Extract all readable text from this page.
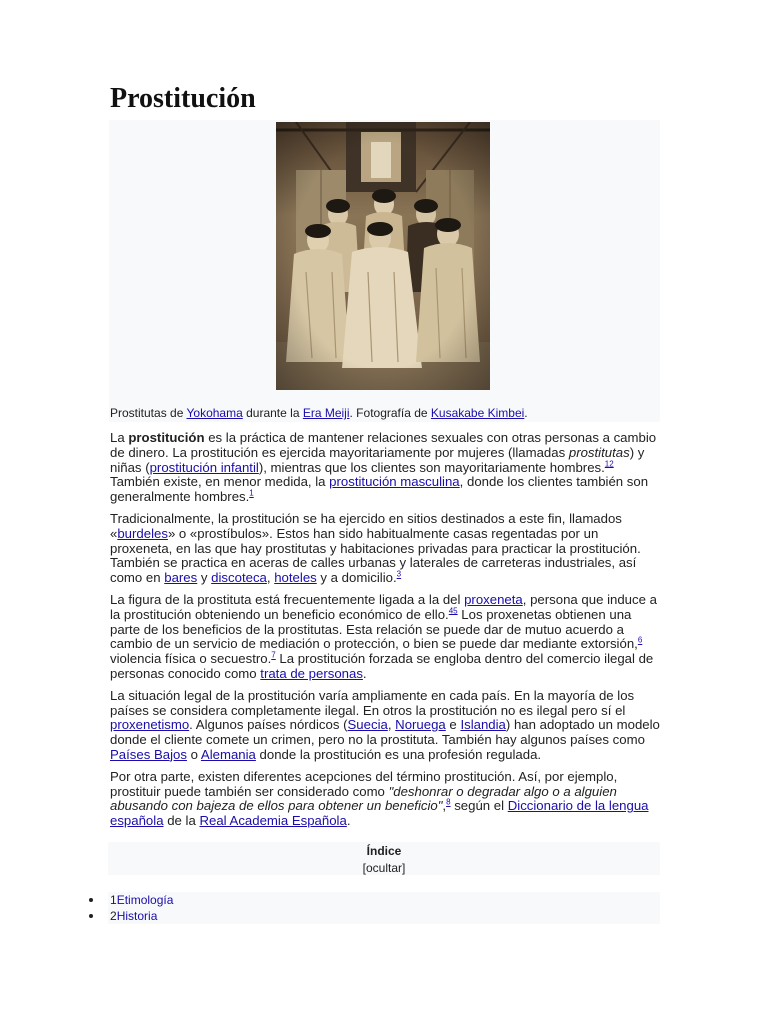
Prostitución
Prostitutas de Yokohama durante la Era Meiji. Fotografía de Kusakabe Kimbei.

La prostitución es la práctica de mantener relaciones sexuales con otras personas a cambio de dinero. La prostitución es ejercida mayoritariamente por mujeres (llamadas prostitutas) y niñas (prostitución infantil), mientras que los clientes son mayoritariamente hombres.$^{12}$ También existe, en menor medida, la prostitución masculina, donde los clientes también son generalmente hombres.$^1$

Tradicionalmente, la prostitución se ha ejercido en sitios destinados a este fin, llamados «burdeles» o «prostíbulos». Estos han sido habitualmente casas regentadas por un proxeneta, en las que hay prostitutas y habitaciones privadas para practicar la prostitución. También se practica en aceras de calles urbanas y laterales de carreteras industriales, así como en bares y discoteca, hoteles y a domicilio.$^3$

La figura de la prostituta está frecuentemente ligada a la del proxeneta, persona que induce a la prostitución obteniendo un beneficio económico de ello.$^{45}$ Los proxenetas obtienen una parte de los beneficios de la prostitutas. Esta relación se puede dar de mutuo acuerdo a cambio de un servicio de mediación o protección, o bien se puede dar mediante extorsión,$^6$ violencia física o secuestro.$^7$ La prostitución forzada se engloba dentro del comercio ilegal de personas conocido como trata de personas.

La situación legal de la prostitución varía ampliamente en cada país. En la mayoría de los países se considera completamente ilegal. En otros la prostitución no es ilegal pero sí el proxenetismo. Algunos países nórdicos (Suecia, Noruega e Islandia) han adoptado un modelo donde el cliente comete un crimen, pero no la prostituta. También hay algunos países como Países Bajos o Alemania donde la prostitución es una profesión regulada.

Por otra parte, existen diferentes acepciones del término prostitución. Así, por ejemplo, prostituir puede también ser considerado como "deshonrar o degradar algo o a alguien abusando con bajeza de ellos para obtener un beneficio",$^8$ según el Diccionario de la lengua española de la Real Academia Española.

Índice
[ocultar]
1Etimología
2Historia
